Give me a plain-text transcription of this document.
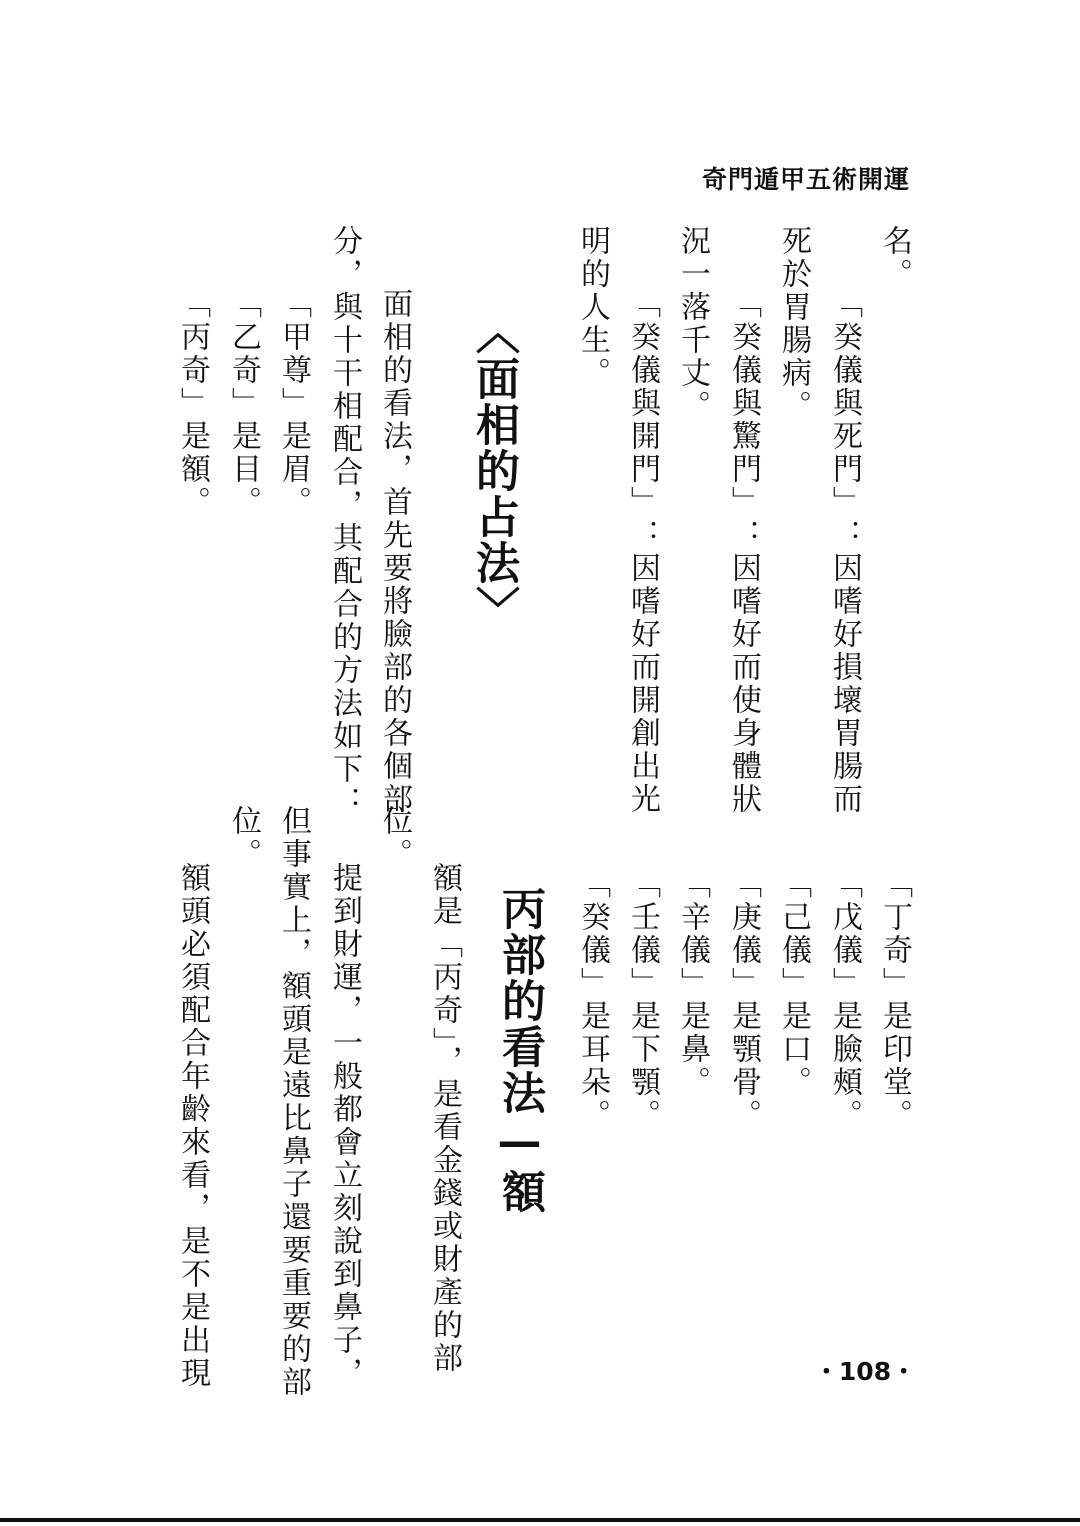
奇門遁甲五術開運
名。
「癸儀與死門」：因嗜好損壞胃腸而
死於胃腸病。
「癸儀與驚門」：因嗜好而使身體狀
況一落千丈。
「癸儀與開門」：因嗜好而開創出光
明的人生。
〈面相的占法〉
面相的看法，首先要將臉部的各個部
分，與十干相配合，其配合的方法如下：
「甲尊」是眉。
「乙奇」是目。
「丙奇」是額。
「丁奇」是印堂。
「戊儀」是臉頰。
「己儀」是口。
「庚儀」是顎骨。
「辛儀」是鼻。
「壬儀」是下顎。
「癸儀」是耳朵。
丙部的看法—額
額是「丙奇」，是看金錢或財產的部
位。
提到財運，一般都會立刻說到鼻子，
但事實上，額頭是遠比鼻子還要重要的部
位。
額頭必須配合年齡來看，是不是出現	・108・
